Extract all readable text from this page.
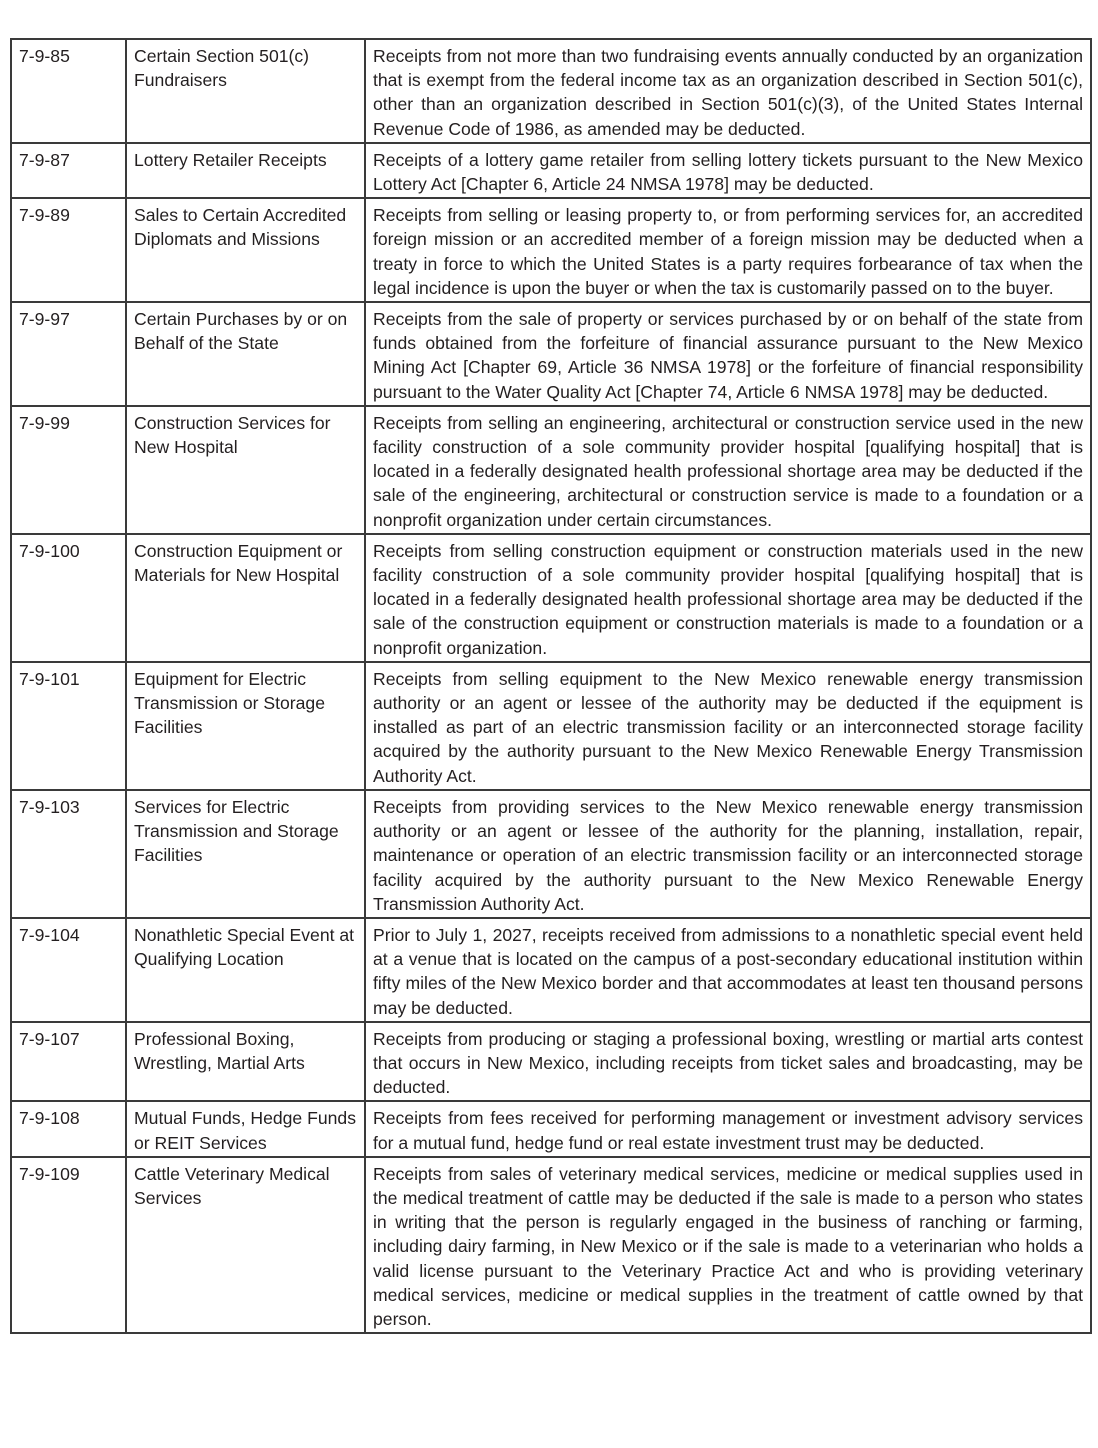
7-9-85	Certain Section 501(c) Fundraisers	Receipts from not more than two fundraising events annually conducted by an organization that is exempt from the federal income tax as an organization described in Section 501(c), other than an organization described in Section 501(c)(3), of the United States Internal Revenue Code of 1986, as amended may be deducted.
7-9-87	Lottery Retailer Receipts	Receipts of a lottery game retailer from selling lottery tickets pursuant to the New Mexico Lottery Act [Chapter 6, Article 24 NMSA 1978] may be deducted.
7-9-89	Sales to Certain Accredited Diplomats and Missions	Receipts from selling or leasing property to, or from performing services for, an accredited foreign mission or an accredited member of a foreign mission may be deducted when a treaty in force to which the United States is a party requires forbearance of tax when the legal incidence is upon the buyer or when the tax is customarily passed on to the buyer.
7-9-97	Certain Purchases by or on Behalf of the State	Receipts from the sale of property or services purchased by or on behalf of the state from funds obtained from the forfeiture of financial assurance pursuant to the New Mexico Mining Act [Chapter 69, Article 36 NMSA 1978] or the forfeiture of financial responsibility pursuant to the Water Quality Act [Chapter 74, Article 6 NMSA 1978] may be deducted.
7-9-99	Construction Services for New Hospital	Receipts from selling an engineering, architectural or construction service used in the new facility construction of a sole community provider hospital [qualifying hospital] that is located in a federally designated health professional shortage area may be deducted if the sale of the engineering, architectural or construction service is made to a foundation or a nonprofit organization under certain circumstances.
7-9-100	Construction Equipment or Materials for New Hospital	Receipts from selling construction equipment or construction materials used in the new facility construction of a sole community provider hospital [qualifying hospital] that is located in a federally designated health professional shortage area may be deducted if the sale of the construction equipment or construction materials is made to a foundation or a nonprofit organization.
7-9-101	Equipment for Electric Transmission or Storage Facilities	Receipts from selling equipment to the New Mexico renewable energy transmission authority or an agent or lessee of the authority may be deducted if the equipment is installed as part of an electric transmission facility or an interconnected storage facility acquired by the authority pursuant to the New Mexico Renewable Energy Transmission Authority Act.
7-9-103	Services for Electric Transmission and Storage Facilities	Receipts from providing services to the New Mexico renewable energy transmission authority or an agent or lessee of the authority for the planning, installation, repair, maintenance or operation of an electric transmission facility or an interconnected storage facility acquired by the authority pursuant to the New Mexico Renewable Energy Transmission Authority Act.
7-9-104	Nonathletic Special Event at Qualifying Location	Prior to July 1, 2027, receipts received from admissions to a nonathletic special event held at a venue that is located on the campus of a post-secondary educational institution within fifty miles of the New Mexico border and that accommodates at least ten thousand persons may be deducted.
7-9-107	Professional Boxing, Wrestling, Martial Arts	Receipts from producing or staging a professional boxing, wrestling or martial arts contest that occurs in New Mexico, including receipts from ticket sales and broadcasting, may be deducted.
7-9-108	Mutual Funds, Hedge Funds or REIT Services	Receipts from fees received for performing management or investment advisory services for a mutual fund, hedge fund or real estate investment trust may be deducted.
7-9-109	Cattle Veterinary Medical Services	Receipts from sales of veterinary medical services, medicine or medical supplies used in the medical treatment of cattle may be deducted if the sale is made to a person who states in writing that the person is regularly engaged in the business of ranching or farming, including dairy farming, in New Mexico or if the sale is made to a veterinarian who holds a valid license pursuant to the Veterinary Practice Act and who is providing veterinary medical services, medicine or medical supplies in the treatment of cattle owned by that person.
